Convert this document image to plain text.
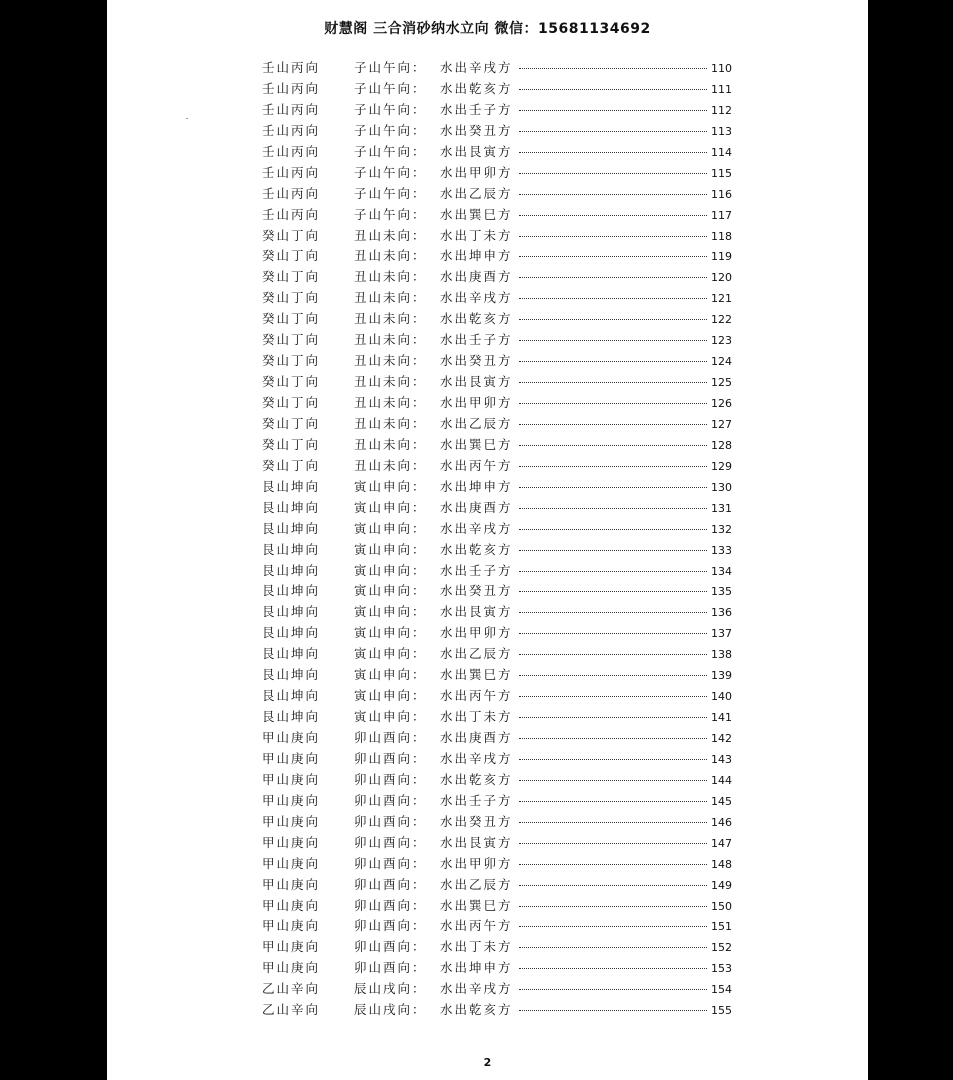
财慧阁 三合消砂纳水立向 微信：15681134692
壬山丙向	子山午向：	水出辛戌方	110
壬山丙向	子山午向：	水出乾亥方	111
壬山丙向	子山午向：	水出壬子方	112
壬山丙向	子山午向：	水出癸丑方	113
壬山丙向	子山午向：	水出艮寅方	114
壬山丙向	子山午向：	水出甲卯方	115
壬山丙向	子山午向：	水出乙辰方	116
壬山丙向	子山午向：	水出巽巳方	117
癸山丁向	丑山未向：	水出丁未方	118
癸山丁向	丑山未向：	水出坤申方	119
癸山丁向	丑山未向：	水出庚酉方	120
癸山丁向	丑山未向：	水出辛戌方	121
癸山丁向	丑山未向：	水出乾亥方	122
癸山丁向	丑山未向：	水出壬子方	123
癸山丁向	丑山未向：	水出癸丑方	124
癸山丁向	丑山未向：	水出艮寅方	125
癸山丁向	丑山未向：	水出甲卯方	126
癸山丁向	丑山未向：	水出乙辰方	127
癸山丁向	丑山未向：	水出巽巳方	128
癸山丁向	丑山未向：	水出丙午方	129
艮山坤向	寅山申向：	水出坤申方	130
艮山坤向	寅山申向：	水出庚酉方	131
艮山坤向	寅山申向：	水出辛戌方	132
艮山坤向	寅山申向：	水出乾亥方	133
艮山坤向	寅山申向：	水出壬子方	134
艮山坤向	寅山申向：	水出癸丑方	135
艮山坤向	寅山申向：	水出艮寅方	136
艮山坤向	寅山申向：	水出甲卯方	137
艮山坤向	寅山申向：	水出乙辰方	138
艮山坤向	寅山申向：	水出巽巳方	139
艮山坤向	寅山申向：	水出丙午方	140
艮山坤向	寅山申向：	水出丁未方	141
甲山庚向	卯山酉向：	水出庚酉方	142
甲山庚向	卯山酉向：	水出辛戌方	143
甲山庚向	卯山酉向：	水出乾亥方	144
甲山庚向	卯山酉向：	水出壬子方	145
甲山庚向	卯山酉向：	水出癸丑方	146
甲山庚向	卯山酉向：	水出艮寅方	147
甲山庚向	卯山酉向：	水出甲卯方	148
甲山庚向	卯山酉向：	水出乙辰方	149
甲山庚向	卯山酉向：	水出巽巳方	150
甲山庚向	卯山酉向：	水出丙午方	151
甲山庚向	卯山酉向：	水出丁未方	152
甲山庚向	卯山酉向：	水出坤申方	153
乙山辛向	辰山戌向：	水出辛戌方	154
乙山辛向	辰山戌向：	水出乾亥方	155
2
